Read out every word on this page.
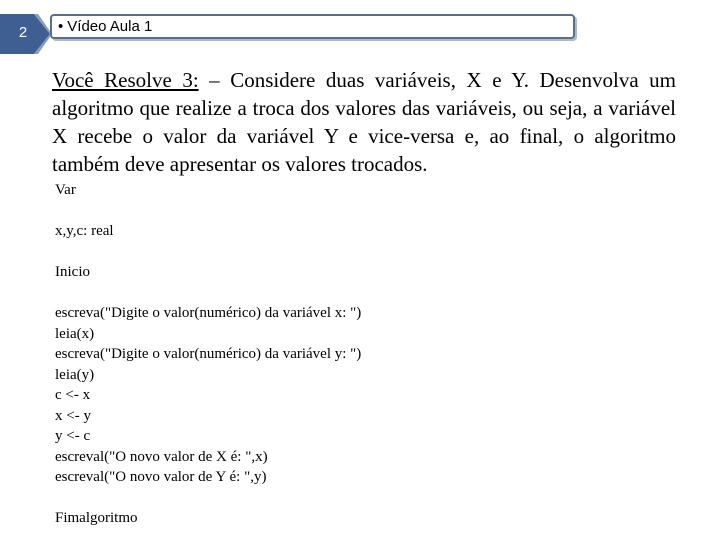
2	• Vídeo Aula 1
Você Resolve 3: – Considere duas variáveis, X e Y. Desenvolva um algoritmo que realize a troca dos valores das variáveis, ou seja, a variável X recebe o valor da variável Y e vice-versa e, ao final, o algoritmo também deve apresentar os valores trocados.
Var
x,y,c: real
Inicio
escreva("Digite o valor(numérico) da variável x: ")
leia(x)
escreva("Digite o valor(numérico) da variável y: ")
leia(y)
c <- x
x <- y
y <- c
escreval("O novo valor de X é: ",x)
escreval("O novo valor de Y é: ",y)
Fimalgoritmo
